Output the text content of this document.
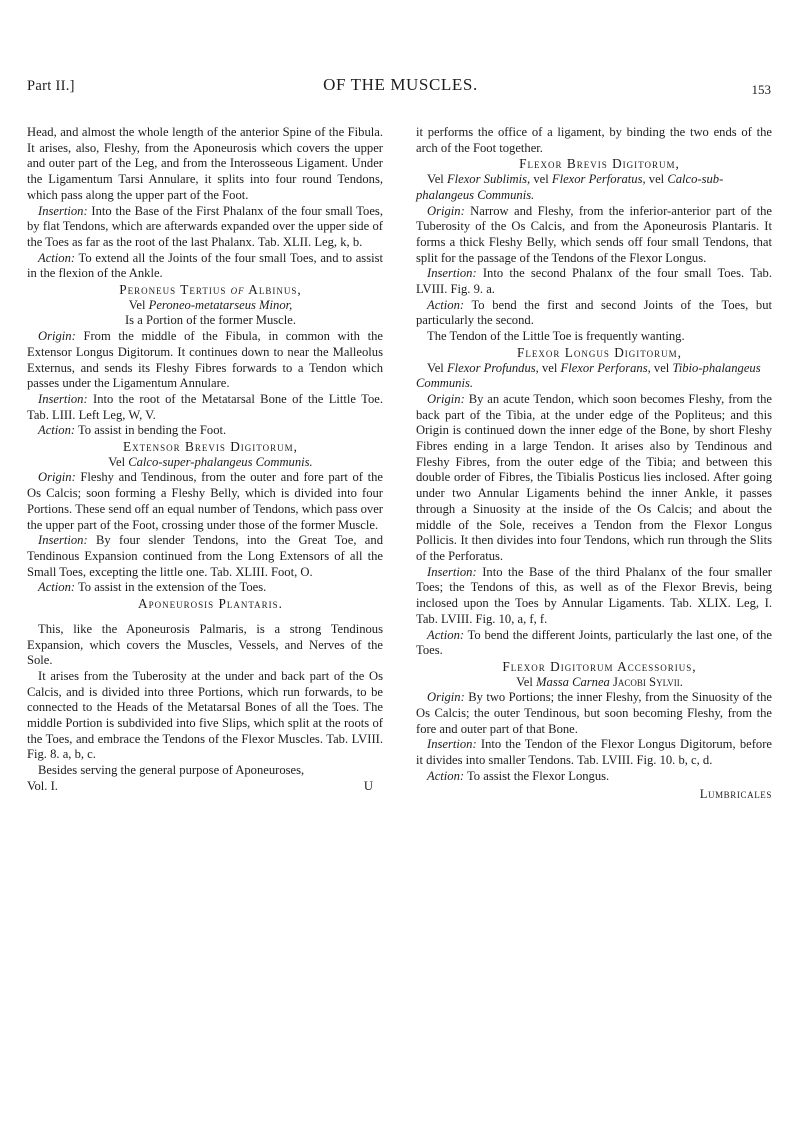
Part II.]	OF THE MUSCLES.	153

Head, and almost the whole length of the anterior Spine of the Fibula. It arises, also, Fleshy, from the Aponeurosis which covers the upper and outer part of the Leg, and from the Interosseous Ligament. Under the Ligamentum Tarsi Annulare, it splits into four round Tendons, which pass along the upper part of the Foot.

Insertion: Into the Base of the First Phalanx of the four small Toes, by flat Tendons, which are afterwards expanded over the upper side of the Toes as far as the root of the last Phalanx. Tab. XLII. Leg, k, b.

Action: To extend all the Joints of the four small Toes, and to assist in the flexion of the Ankle.

Peroneus Tertius of Albinus,

Vel Peroneo-metatarseus Minor,

Is a Portion of the former Muscle.

Origin: From the middle of the Fibula, in common with the Extensor Longus Digitorum. It continues down to near the Malleolus Externus, and sends its Fleshy Fibres forwards to a Tendon which passes under the Ligamentum Annulare.

Insertion: Into the root of the Metatarsal Bone of the Little Toe. Tab. LIII. Left Leg, W, V.

Action: To assist in bending the Foot.

Extensor Brevis Digitorum,

Vel Calco-super-phalangeus Communis.

Origin: Fleshy and Tendinous, from the outer and fore part of the Os Calcis; soon forming a Fleshy Belly, which is divided into four Portions. These send off an equal number of Tendons, which pass over the upper part of the Foot, crossing under those of the former Muscle.

Insertion: By four slender Tendons, into the Great Toe, and Tendinous Expansion continued from the Long Extensors of all the Small Toes, excepting the little one. Tab. XLIII. Foot, O.

Action: To assist in the extension of the Toes.

Aponeurosis Plantaris.

This, like the Aponeurosis Palmaris, is a strong Tendinous Expansion, which covers the Muscles, Vessels, and Nerves of the Sole.

It arises from the Tuberosity at the under and back part of the Os Calcis, and is divided into three Portions, which run forwards, to be connected to the Heads of the Metatarsal Bones of all the Toes. The middle Portion is subdivided into five Slips, which split at the roots of the Toes, and embrace the Tendons of the Flexor Muscles. Tab. LVIII. Fig. 8. a, b, c.

Besides serving the general purpose of Aponeuroses,

Vol. I.	U

it performs the office of a ligament, by binding the two ends of the arch of the Foot together.

Flexor Brevis Digitorum,

Vel Flexor Sublimis, vel Flexor Perforatus, vel Calco-sub-phalangeus Communis.

Origin: Narrow and Fleshy, from the inferior-anterior part of the Tuberosity of the Os Calcis, and from the Aponeurosis Plantaris. It forms a thick Fleshy Belly, which sends off four small Tendons, that split for the passage of the Tendons of the Flexor Longus.

Insertion: Into the second Phalanx of the four small Toes. Tab. LVIII. Fig. 9. a.

Action: To bend the first and second Joints of the Toes, but particularly the second.

The Tendon of the Little Toe is frequently wanting.

Flexor Longus Digitorum,

Vel Flexor Profundus, vel Flexor Perforans, vel Tibio-phalangeus Communis.

Origin: By an acute Tendon, which soon becomes Fleshy, from the back part of the Tibia, at the under edge of the Popliteus; and this Origin is continued down the inner edge of the Bone, by short Fleshy Fibres ending in a large Tendon. It arises also by Tendinous and Fleshy Fibres, from the outer edge of the Tibia; and between this double order of Fibres, the Tibialis Posticus lies inclosed. After going under two Annular Ligaments behind the inner Ankle, it passes through a Sinuosity at the inside of the Os Calcis; and about the middle of the Sole, receives a Tendon from the Flexor Longus Pollicis. It then divides into four Tendons, which run through the Slits of the Perforatus.

Insertion: Into the Base of the third Phalanx of the four smaller Toes; the Tendons of this, as well as of the Flexor Brevis, being inclosed upon the Toes by Annular Ligaments. Tab. XLIX. Leg, I. Tab. LVIII. Fig. 10, a, f, f.

Action: To bend the different Joints, particularly the last one, of the Toes.

Flexor Digitorum Accessorius,

Vel Massa Carnea Jacobi Sylvii.

Origin: By two Portions; the inner Fleshy, from the Sinuosity of the Os Calcis; the outer Tendinous, but soon becoming Fleshy, from the fore and outer part of that Bone.

Insertion: Into the Tendon of the Flexor Longus Digitorum, before it divides into smaller Tendons. Tab. LVIII. Fig. 10. b, c, d.

Action: To assist the Flexor Longus.

Lumbricales
